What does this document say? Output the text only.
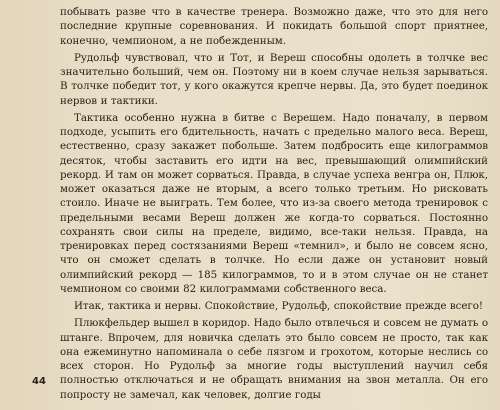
побывать разве что в качестве тренера. Возможно даже, что это для него последние крупные соревнования. И покидать большой спорт приятнее, конечно, чемпионом, а не побежденным.

Рудольф чувствовал, что и Тот, и Вереш способны одолеть в толчке вес значительно больший, чем он. Поэтому ни в коем случае нельзя зарываться. В толчке победит тот, у кого окажутся крепче нервы. Да, это будет поединок нервов и тактики.

Тактика особенно нужна в битве с Верешем. Надо поначалу, в первом подходе, усыпить его бдительность, начать с предельно малого веса. Вереш, естественно, сразу закажет побольше. Затем подбросить еще килограммов десяток, чтобы заставить его идти на вес, превышающий олимпийский рекорд. И там он может сорваться. Правда, в случае успеха венгра он, Плюк, может оказаться даже не вторым, а всего только третьим. Но рисковать стоило. Иначе не выиграть. Тем более, что из-за своего метода тренировок с предельными весами Вереш должен же когда-то сорваться. Постоянно сохранять свои силы на пределе, видимо, все-таки нельзя. Правда, на тренировках перед состязаниями Вереш «темнил», и было не совсем ясно, что он сможет сделать в толчке. Но если даже он установит новый олимпийский рекорд — 185 килограммов, то и в этом случае он не станет чемпионом со своими 82 килограммами собственного веса.

Итак, тактика и нервы. Спокойствие, Рудольф, спокойствие прежде всего!

Плюкфельдер вышел в коридор. Надо было отвлечься и совсем не думать о штанге. Впрочем, для новичка сделать это было совсем не просто, так как она ежеминутно напоминала о себе лязгом и грохотом, которые неслись со всех сторон. Но Рудольф за многие годы выступлений научил себя полностью отключаться и не обращать внимания на звон металла. Он его попросту не замечал, как человек, долгие годы

44
